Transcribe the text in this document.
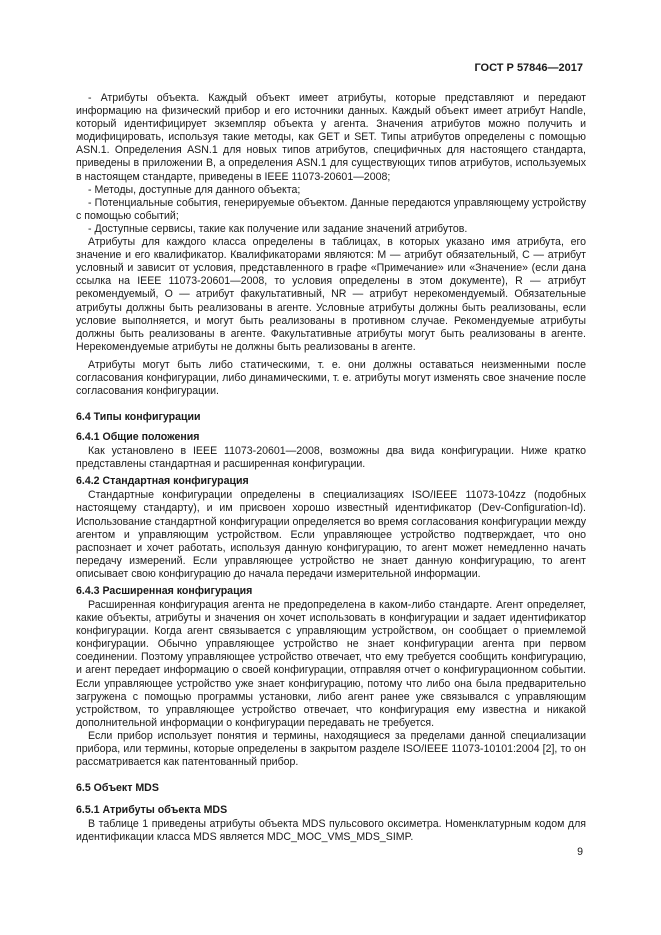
ГОСТ Р 57846—2017

- Атрибуты объекта. Каждый объект имеет атрибуты, которые представляют и передают информацию на физический прибор и его источники данных. Каждый объект имеет атрибут Handle, который идентифицирует экземпляр объекта у агента. Значения атрибутов можно получить и модифицировать, используя такие методы, как GET и SET. Типы атрибутов определены с помощью ASN.1. Определения ASN.1 для новых типов атрибутов, специфичных для настоящего стандарта, приведены в приложении В, а определения ASN.1 для существующих типов атрибутов, используемых в настоящем стандарте, приведены в IEEE 11073-20601—2008;

- Методы, доступные для данного объекта;

- Потенциальные события, генерируемые объектом. Данные передаются управляющему устройству с помощью событий;

- Доступные сервисы, такие как получение или задание значений атрибутов.

Атрибуты для каждого класса определены в таблицах, в которых указано имя атрибута, его значение и его квалификатор. Квалификаторами являются: М — атрибут обязательный, С — атрибут условный и зависит от условия, представленного в графе «Примечание» или «Значение» (если дана ссылка на IEEE 11073-20601—2008, то условия определены в этом документе), R — атрибут рекомендуемый, О — атрибут факультативный, NR — атрибут нерекомендуемый. Обязательные атрибуты должны быть реализованы в агенте. Условные атрибуты должны быть реализованы, если условие выполняется, и могут быть реализованы в противном случае. Рекомендуемые атрибуты должны быть реализованы в агенте. Факультативные атрибуты могут быть реализованы в агенте. Нерекомендуемые атрибуты не должны быть реализованы в агенте.

Атрибуты могут быть либо статическими, т. е. они должны оставаться неизменными после согласования конфигурации, либо динамическими, т. е. атрибуты могут изменять свое значение после согласования конфигурации.

6.4 Типы конфигурации
6.4.1 Общие положения

Как установлено в IEEE 11073-20601—2008, возможны два вида конфигурации. Ниже кратко представлены стандартная и расширенная конфигурации.

6.4.2 Стандартная конфигурация

Стандартные конфигурации определены в специализациях ISO/IEEE 11073-104zz (подобных настоящему стандарту), и им присвоен хорошо известный идентификатор (Dev-Configuration-Id). Использование стандартной конфигурации определяется во время согласования конфигурации между агентом и управляющим устройством. Если управляющее устройство подтверждает, что оно распознает и хочет работать, используя данную конфигурацию, то агент может немедленно начать передачу измерений. Если управляющее устройство не знает данную конфигурацию, то агент описывает свою конфигурацию до начала передачи измерительной информации.

6.4.3 Расширенная конфигурация

Расширенная конфигурация агента не предопределена в каком-либо стандарте. Агент определяет, какие объекты, атрибуты и значения он хочет использовать в конфигурации и задает идентификатор конфигурации. Когда агент связывается с управляющим устройством, он сообщает о приемлемой конфигурации. Обычно управляющее устройство не знает конфигурации агента при первом соединении. Поэтому управляющее устройство отвечает, что ему требуется сообщить конфигурацию, и агент передает информацию о своей конфигурации, отправляя отчет о конфигурационном событии. Если управляющее устройство уже знает конфигурацию, потому что либо она была предварительно загружена с помощью программы установки, либо агент ранее уже связывался с управляющим устройством, то управляющее устройство отвечает, что конфигурация ему известна и никакой дополнительной информации о конфигурации передавать не требуется.

Если прибор использует понятия и термины, находящиеся за пределами данной специализации прибора, или термины, которые определены в закрытом разделе ISO/IEEE 11073-10101:2004 [2], то он рассматривается как патентованный прибор.

6.5 Объект MDS
6.5.1 Атрибуты объекта MDS

В таблице 1 приведены атрибуты объекта MDS пульсового оксиметра. Номенклатурным кодом для идентификации класса MDS является MDC_MOC_VMS_MDS_SIMP.

9
